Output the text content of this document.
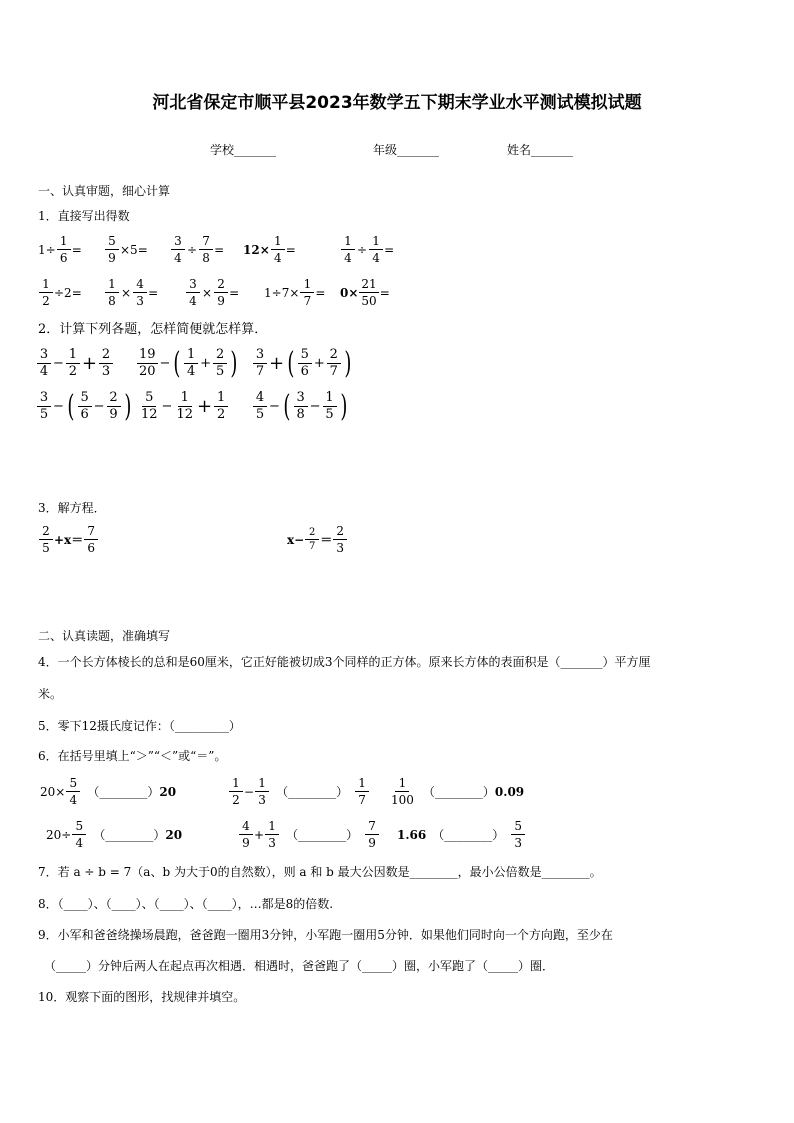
河北省保定市顺平县2023年数学五下期末学业水平测试模拟试题
学校_______	年级_______	姓名_______
一、认真审题，细心计算
1．直接写出得数
$1\div \frac{1}{6} = \frac{5}{9} \times 5= \frac{3}{4} \div \frac{7}{8} = 12\times \frac{1}{4}$ =	$\frac{1}{4} \div \frac{1}{4}$ =
$\frac{1}{2} \div 2= \frac{1}{8} \times \frac{4}{3} = \frac{3}{4} \times \frac{2}{9} = 1\div 7\times \frac{1}{7} = 0\times \frac{21}{50}$ =
2．计算下列各题，怎样简便就怎样算．
$\frac{3}{4} - \frac{1}{2} + \frac{2}{3} \frac{19}{20}$ − ( $\frac{1}{4} + \frac{2}{5}$ ) $\frac{3}{7}$ + ( $\frac{5}{6} + \frac{2}{7}$ )
$\frac{3}{5}$ − ( $\frac{5}{6} - \frac{2}{9}$ ) $\frac{5}{12} - \frac{1}{12} + \frac{1}{2} \frac{4}{5}$ − ( $\frac{3}{8} - \frac{1}{5}$ )
3．解方程．
$\frac{2}{5} +x= \frac{7}{6}$	$x- \frac{2}{7} = \frac{2}{3}$
二、认真读题，准确填写
4．一个长方体棱长的总和是60厘米，它正好能被切成3个同样的正方体。原来长方体的表面积是（_______）平方厘
米。
5．零下12摄氏度记作：（_________）
6．在括号里填上“＞”“＜”或“＝”。
$20\times \frac{5}{4}$ （________） 20	$\frac{1}{2} - \frac{1}{3}$ （________） $\frac{1}{7} \frac{1}{100}$ （________） 0.09
$20\div \frac{5}{4}$ （________） 20	$\frac{4}{9} + \frac{1}{3}$ （________） $\frac{7}{9} 1.66$ （________） $\frac{5}{3}$
7．若 a ÷ b = 7（a、b 为大于0的自然数），则 a 和 b 最大公因数是________，最小公倍数是________。
8．（____）、（____）、（____）、（____），…都是8的倍数.
9．小军和爸爸绕操场晨跑，爸爸跑一圈用3分钟，小军跑一圈用5分钟．如果他们同时向一个方向跑，至少在
（_____）分钟后两人在起点再次相遇．相遇时，爸爸跑了（_____）圈，小军跑了（_____）圈．
10．观察下面的图形，找规律并填空。
